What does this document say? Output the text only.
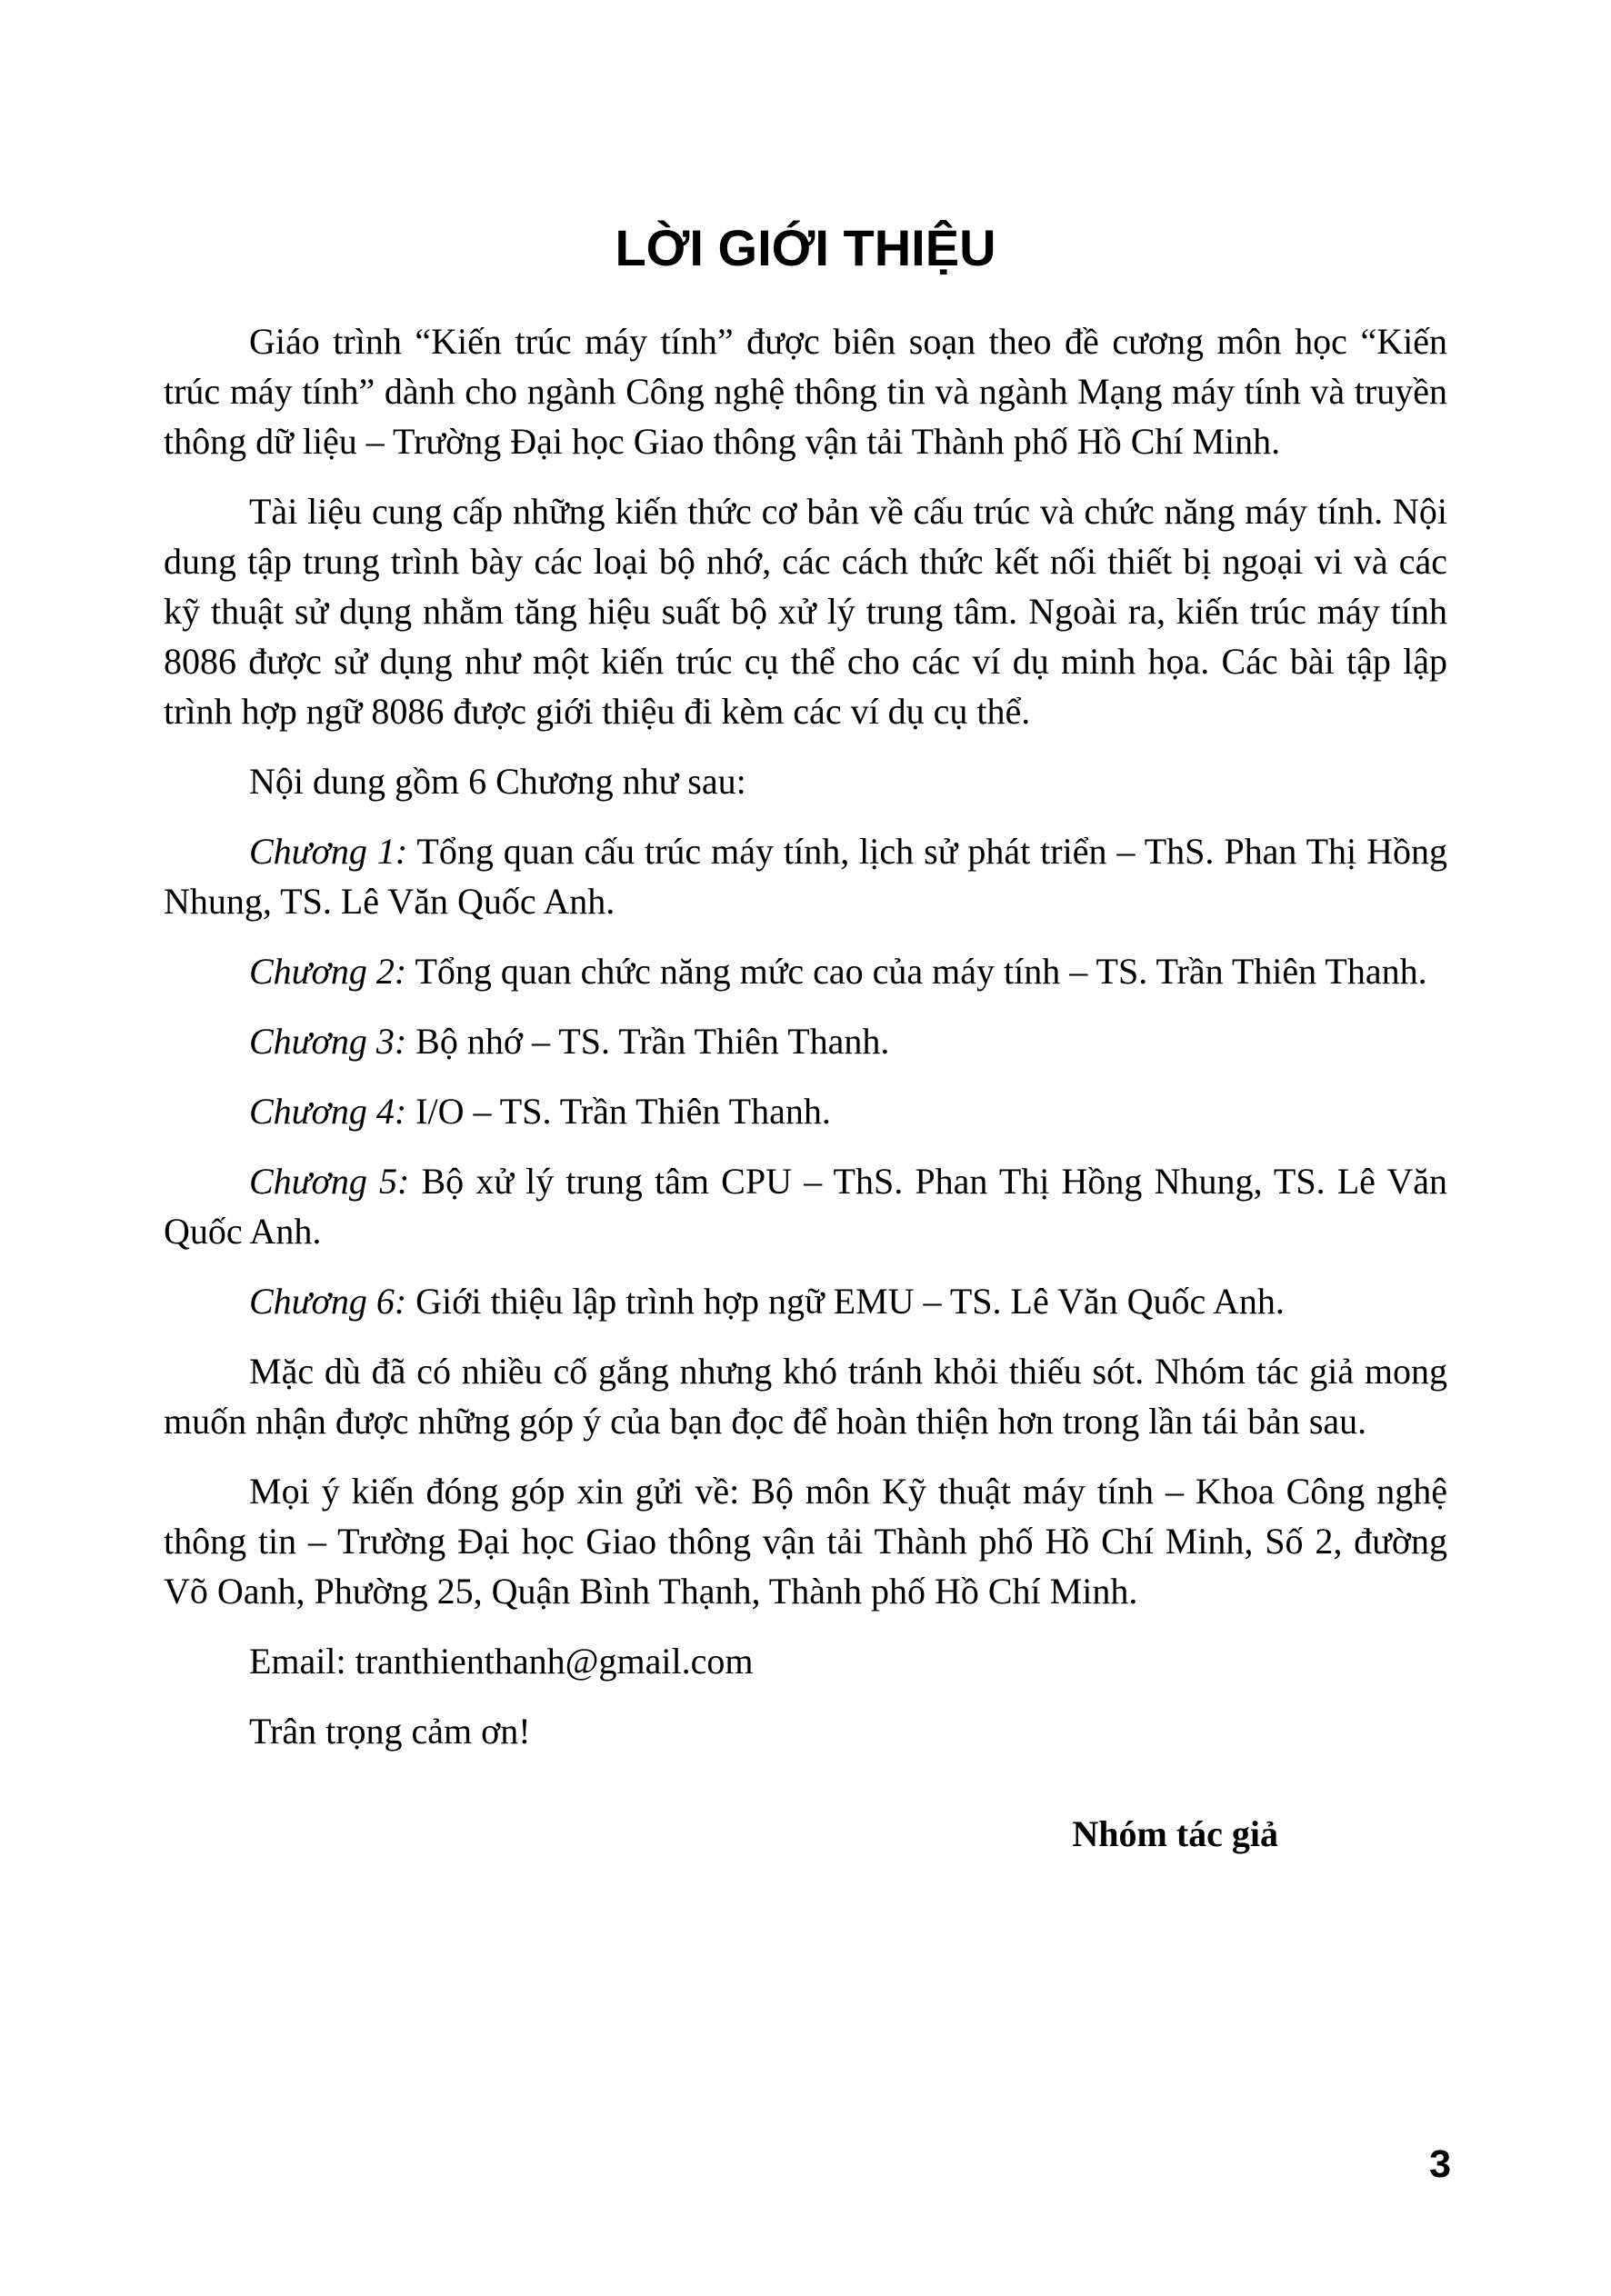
LỜI GIỚI THIỆU

Giáo trình “Kiến trúc máy tính” được biên soạn theo đề cương môn học “Kiến trúc máy tính” dành cho ngành Công nghệ thông tin và ngành Mạng máy tính và truyền thông dữ liệu – Trường Đại học Giao thông vận tải Thành phố Hồ Chí Minh.

Tài liệu cung cấp những kiến thức cơ bản về cấu trúc và chức năng máy tính. Nội dung tập trung trình bày các loại bộ nhớ, các cách thức kết nối thiết bị ngoại vi và các kỹ thuật sử dụng nhằm tăng hiệu suất bộ xử lý trung tâm. Ngoài ra, kiến trúc máy tính 8086 được sử dụng như một kiến trúc cụ thể cho các ví dụ minh họa. Các bài tập lập trình hợp ngữ 8086 được giới thiệu đi kèm các ví dụ cụ thể.

Nội dung gồm 6 Chương như sau:

Chương 1: Tổng quan cấu trúc máy tính, lịch sử phát triển – ThS. Phan Thị Hồng Nhung, TS. Lê Văn Quốc Anh.

Chương 2: Tổng quan chức năng mức cao của máy tính – TS. Trần Thiên Thanh.

Chương 3: Bộ nhớ – TS. Trần Thiên Thanh.

Chương 4: I/O – TS. Trần Thiên Thanh.

Chương 5: Bộ xử lý trung tâm CPU – ThS. Phan Thị Hồng Nhung, TS. Lê Văn Quốc Anh.

Chương 6: Giới thiệu lập trình hợp ngữ EMU – TS. Lê Văn Quốc Anh.

Mặc dù đã có nhiều cố gắng nhưng khó tránh khỏi thiếu sót. Nhóm tác giả mong muốn nhận được những góp ý của bạn đọc để hoàn thiện hơn trong lần tái bản sau.

Mọi ý kiến đóng góp xin gửi về: Bộ môn Kỹ thuật máy tính – Khoa Công nghệ thông tin – Trường Đại học Giao thông vận tải Thành phố Hồ Chí Minh, Số 2, đường Võ Oanh, Phường 25, Quận Bình Thạnh, Thành phố Hồ Chí Minh.

Email: tranthienthanh@gmail.com

Trân trọng cảm ơn!

Nhóm tác giả

3
